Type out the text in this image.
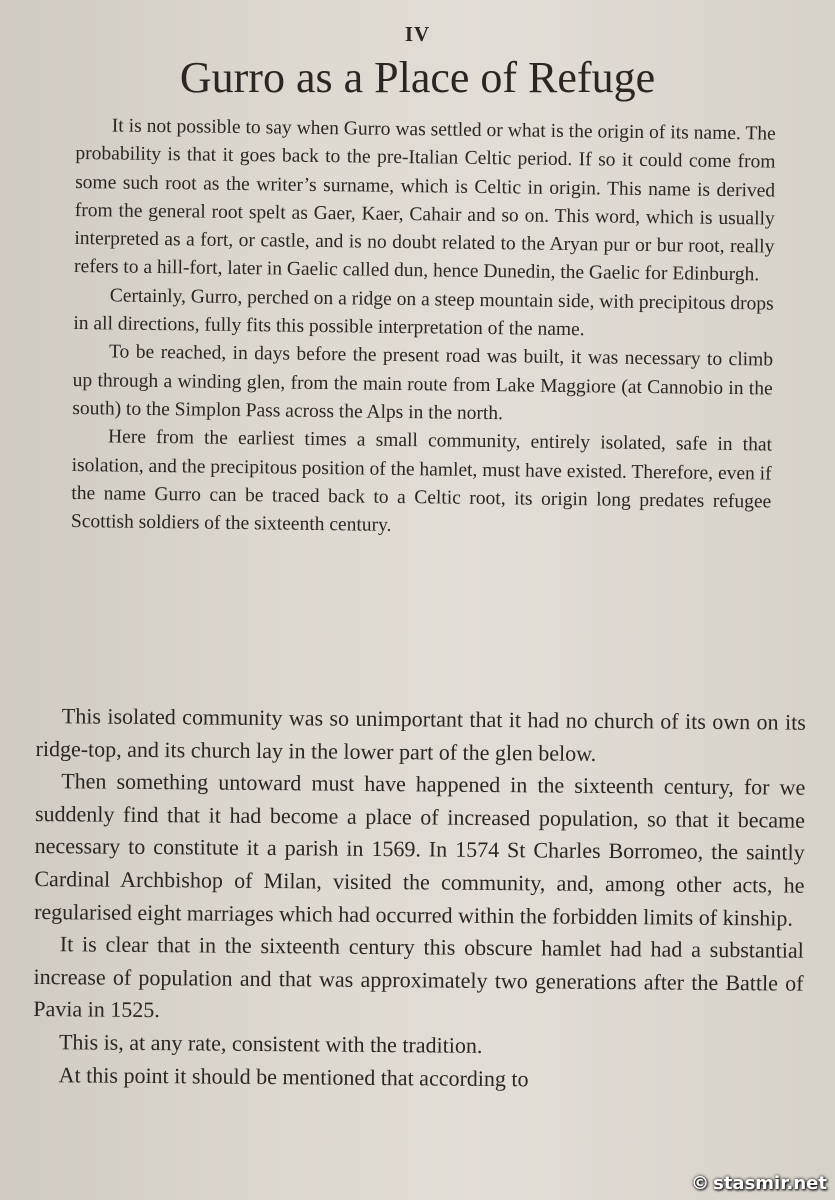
IV
Gurro as a Place of Refuge

It is not possible to say when Gurro was settled or what is the origin of its name. The probability is that it goes back to the pre-Italian Celtic period. If so it could come from some such root as the writer’s surname, which is Celtic in origin. This name is derived from the general root spelt as Gaer, Kaer, Cahair and so on. This word, which is usually interpreted as a fort, or castle, and is no doubt related to the Aryan pur or bur root, really refers to a hill-fort, later in Gaelic called dun, hence Dunedin, the Gaelic for Edinburgh.

Certainly, Gurro, perched on a ridge on a steep mountain side, with precipitous drops in all directions, fully fits this possible interpretation of the name.

To be reached, in days before the present road was built, it was necessary to climb up through a winding glen, from the main route from Lake Maggiore (at Cannobio in the south) to the Simplon Pass across the Alps in the north.

Here from the earliest times a small community, entirely isolated, safe in that isolation, and the precipitous position of the hamlet, must have existed. Therefore, even if the name Gurro can be traced back to a Celtic root, its origin long predates refugee Scottish soldiers of the sixteenth century.

This isolated community was so unimportant that it had no church of its own on its ridge-top, and its church lay in the lower part of the glen below.

Then something untoward must have happened in the sixteenth century, for we suddenly find that it had become a place of increased population, so that it became necessary to constitute it a parish in 1569. In 1574 St Charles Borromeo, the saintly Cardinal Archbishop of Milan, visited the community, and, among other acts, he regularised eight marriages which had occurred within the forbidden limits of kinship.

It is clear that in the sixteenth century this obscure hamlet had had a substantial increase of population and that was approximately two generations after the Battle of Pavia in 1525.

This is, at any rate, consistent with the tradition.

At this point it should be mentioned that according to

© stasmir.net
